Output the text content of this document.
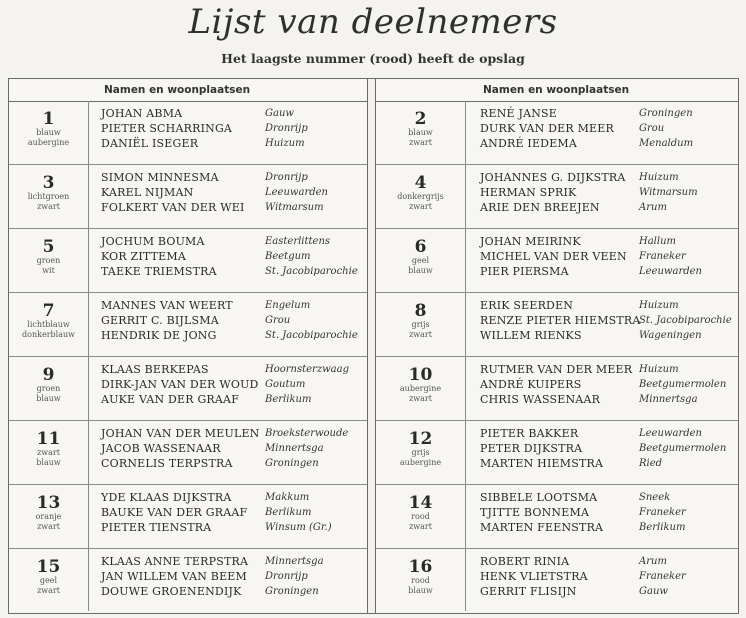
Lijst van deelnemers
Het laagste nummer (rood) heeft de opslag
Namen en woonplaatsen
1
blauw
aubergine
JOHAN ABMA
PIETER SCHARRINGA
DANIËL ISEGER
Gauw
Dronrijp
Huizum
3
lichtgroen
zwart
SIMON MINNESMA
KAREL NIJMAN
FOLKERT VAN DER WEI
Dronrijp
Leeuwarden
Witmarsum
5
groen
wit
JOCHUM BOUMA
KOR ZITTEMA
TAEKE TRIEMSTRA
Easterlittens
Beetgum
St. Jacobiparochie
7
lichtblauw
donkerblauw
MANNES VAN WEERT
GERRIT C. BIJLSMA
HENDRIK DE JONG
Engelum
Grou
St. Jacobiparochie
9
groen
blauw
KLAAS BERKEPAS
DIRK-JAN VAN DER WOUD
AUKE VAN DER GRAAF
Hoornsterzwaag
Goutum
Berlikum
11
zwart
blauw
JOHAN VAN DER MEULEN
JACOB WASSENAAR
CORNELIS TERPSTRA
Broeksterwoude
Minnertsga
Groningen
13
oranje
zwart
YDE KLAAS DIJKSTRA
BAUKE VAN DER GRAAF
PIETER TIENSTRA
Makkum
Berlikum
Winsum (Gr.)
15
geel
zwart
KLAAS ANNE TERPSTRA
JAN WILLEM VAN BEEM
DOUWE GROENENDIJK
Minnertsga
Dronrijp
Groningen
Namen en woonplaatsen
2
blauw
zwart
RENÉ JANSE
DURK VAN DER MEER
ANDRÉ IEDEMA
Groningen
Grou
Menaldum
4
donkergrijs
zwart
JOHANNES G. DIJKSTRA
HERMAN SPRIK
ARIE DEN BREEJEN
Huizum
Witmarsum
Arum
6
geel
blauw
JOHAN MEIRINK
MICHEL VAN DER VEEN
PIER PIERSMA
Hallum
Franeker
Leeuwarden
8
grijs
zwart
ERIK SEERDEN
RENZE PIETER HIEMSTRA
WILLEM RIENKS
Huizum
St. Jacobiparochie
Wageningen
10
aubergine
zwart
RUTMER VAN DER MEER
ANDRÉ KUIPERS
CHRIS WASSENAAR
Huizum
Beetgumermolen
Minnertsga
12
grijs
aubergine
PIETER BAKKER
PETER DIJKSTRA
MARTEN HIEMSTRA
Leeuwarden
Beetgumermolen
Ried
14
rood
zwart
SIBBELE LOOTSMA
TJITTE BONNEMA
MARTEN FEENSTRA
Sneek
Franeker
Berlikum
16
rood
blauw
ROBERT RINIA
HENK VLIETSTRA
GERRIT FLISIJN
Arum
Franeker
Gauw
